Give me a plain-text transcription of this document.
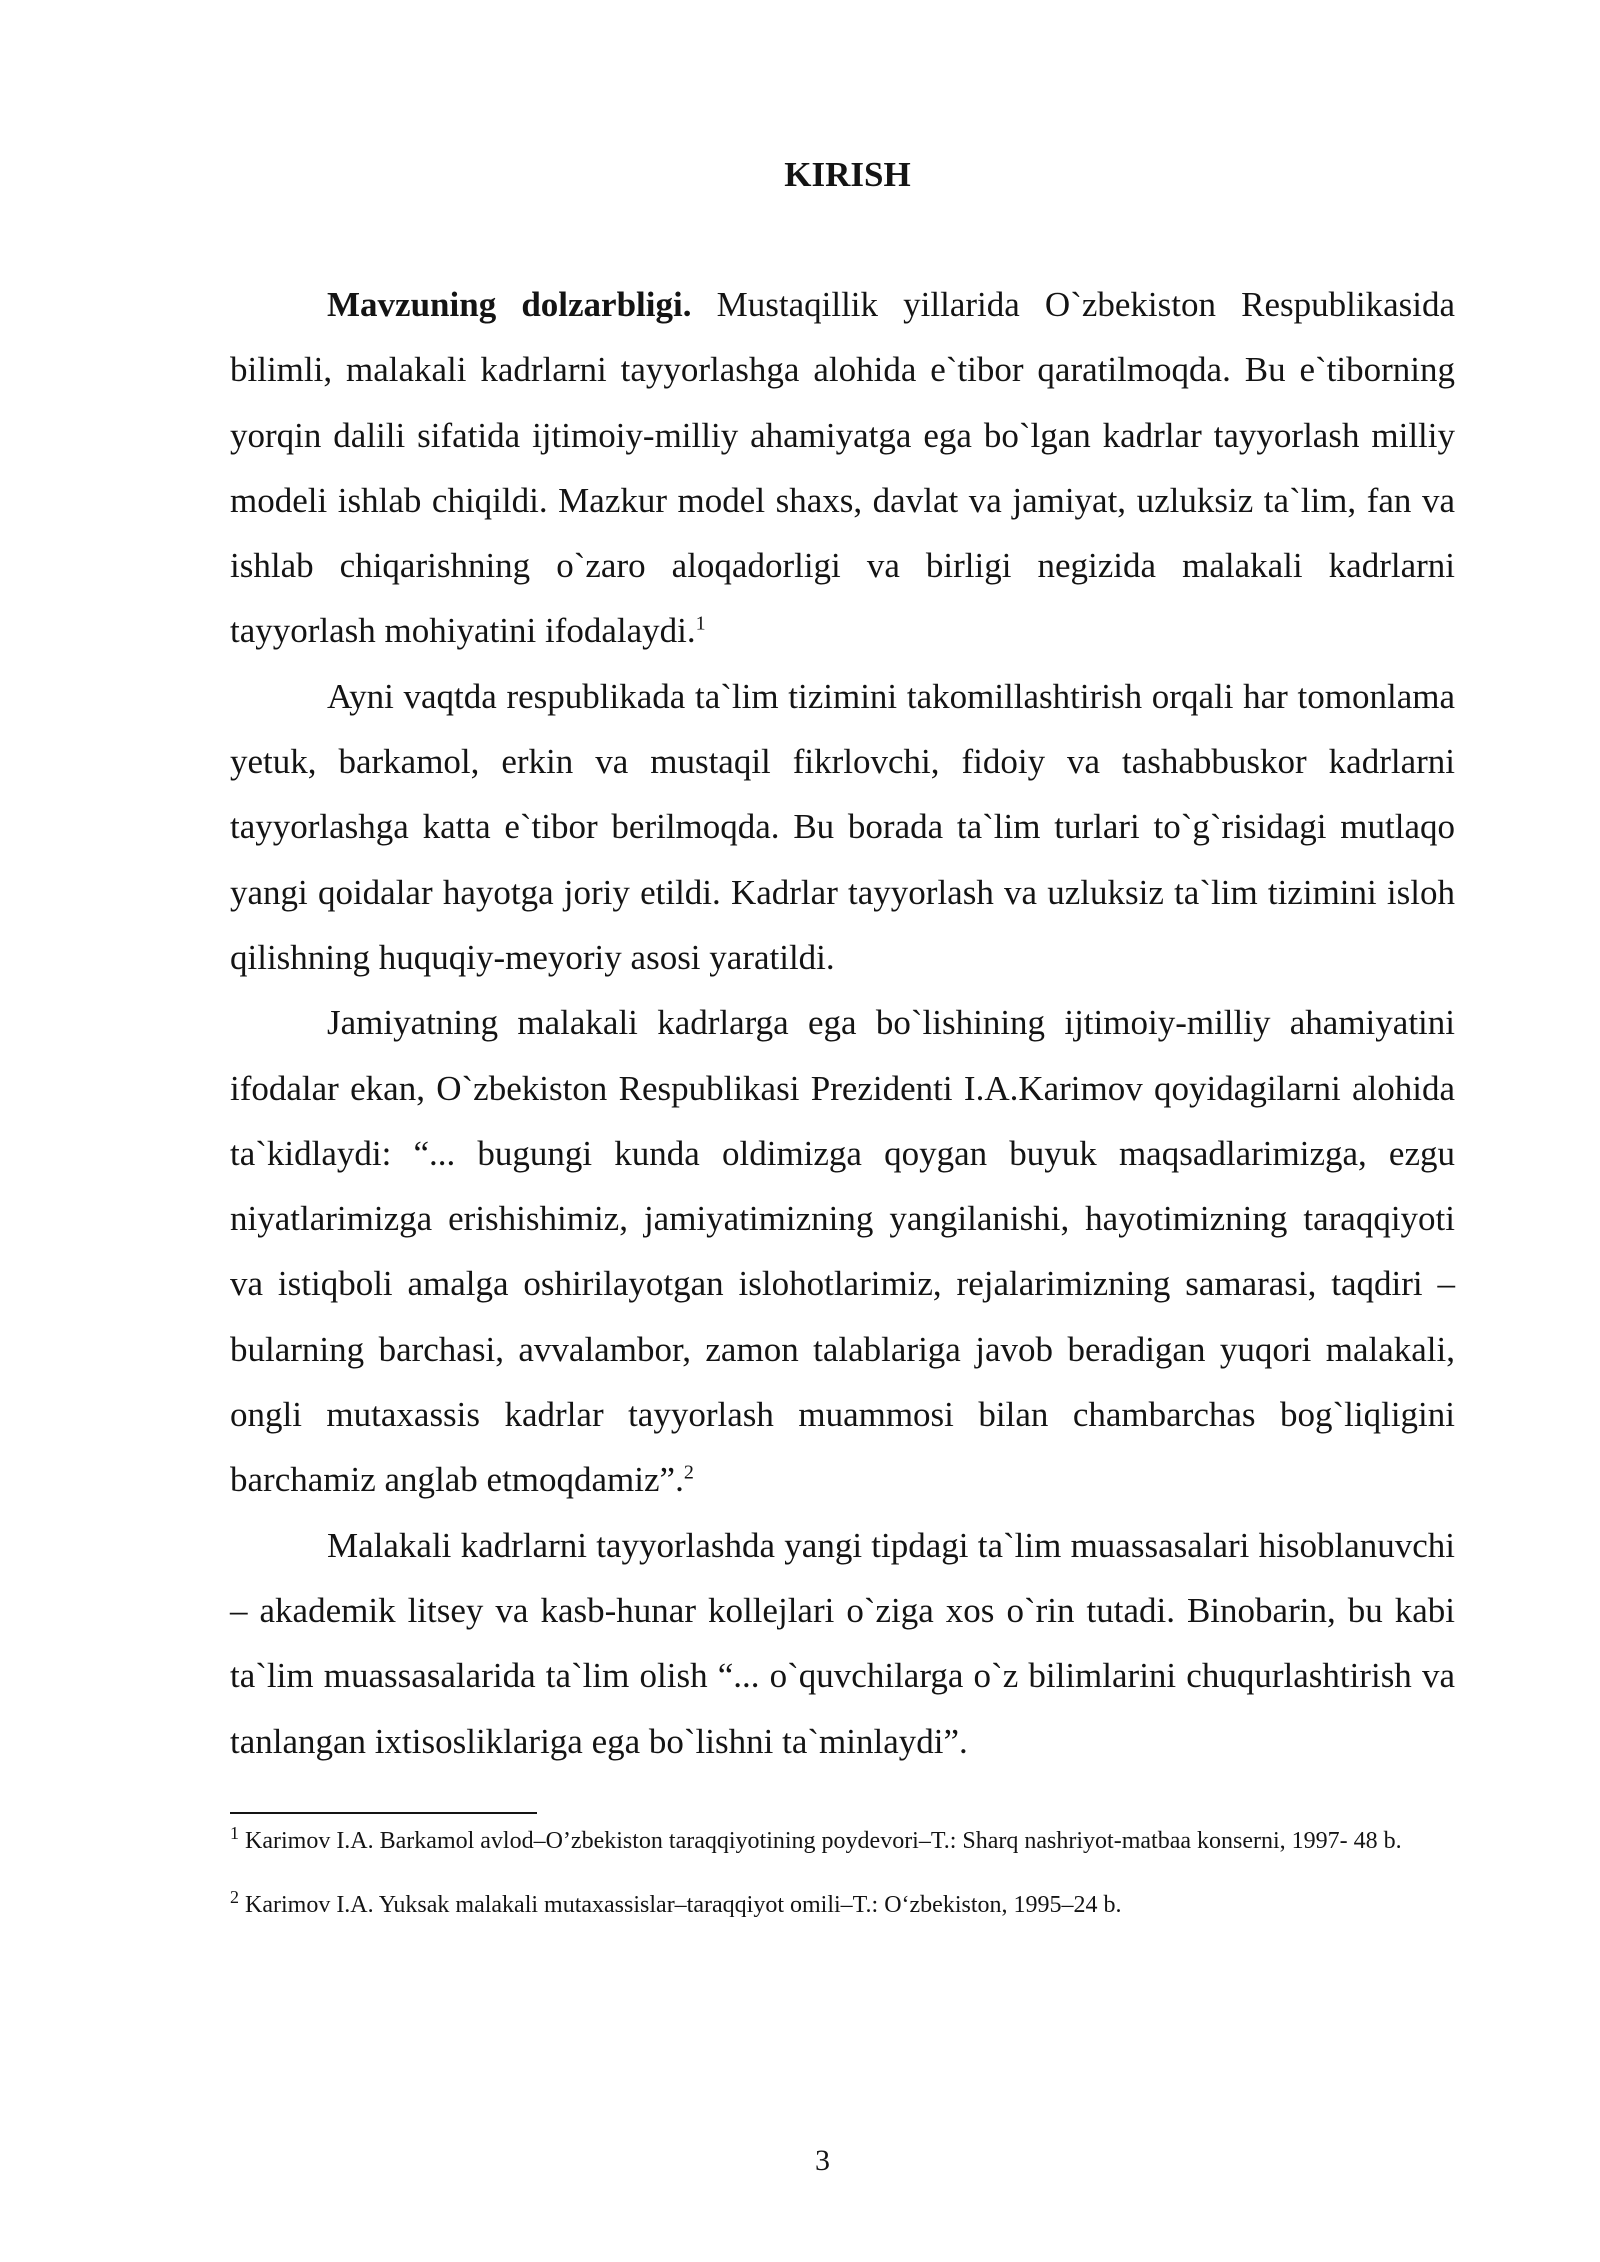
KIRISH

Mavzuning dolzarbligi. Mustaqillik yillarida O`zbekiston Respublikasida bilimli, malakali kadrlarni tayyorlashga alohida e`tibor qaratilmoqda. Bu e`tiborning yorqin dalili sifatida ijtimoiy-milliy ahamiyatga ega bo`lgan kadrlar tayyorlash milliy modeli ishlab chiqildi. Mazkur model shaxs, davlat va jamiyat, uzluksiz ta`lim, fan va ishlab chiqarishning o`zaro aloqadorligi va birligi negizida malakali kadrlarni tayyorlash mohiyatini ifodalaydi.$^1$

Ayni vaqtda respublikada ta`lim tizimini takomillashtirish orqali har tomonlama yetuk, barkamol, erkin va mustaqil fikrlovchi, fidoiy va tashabbuskor kadrlarni tayyorlashga katta e`tibor berilmoqda. Bu borada ta`lim turlari to`g`risidagi mutlaqo yangi qoidalar hayotga joriy etildi. Kadrlar tayyorlash va uzluksiz ta`lim tizimini isloh qilishning huquqiy-meyoriy asosi yaratildi.

Jamiyatning malakali kadrlarga ega bo`lishining ijtimoiy-milliy ahamiyatini ifodalar ekan, O`zbekiston Respublikasi Prezidenti I.A.Karimov qoyidagilarni alohida ta`kidlaydi: “... bugungi kunda oldimizga qoygan buyuk maqsadlarimizga, ezgu niyatlarimizga erishishimiz, jamiyatimizning yangilanishi, hayotimizning taraqqiyoti va istiqboli amalga oshirilayotgan islohotlarimiz, rejalarimizning samarasi, taqdiri – bularning barchasi, avvalambor, zamon talablariga javob beradigan yuqori malakali, ongli mutaxassis kadrlar tayyorlash muammosi bilan chambarchas bog`liqligini barchamiz anglab etmoqdamiz”.$^2$

Malakali kadrlarni tayyorlashda yangi tipdagi ta`lim muassasalari hisoblanuvchi – akademik litsey va kasb-hunar kollejlari o`ziga xos o`rin tutadi. Binobarin, bu kabi ta`lim muassasalarida ta`lim olish “... o`quvchilarga o`z bilimlarini chuqurlashtirish va tanlangan ixtisosliklariga ega bo`lishni ta`minlaydi”.

$^1$ Karimov I.A. Barkamol avlod–O’zbekiston taraqqiyotining poydevori–T.: Sharq nashriyot-matbaa konserni, 1997- 48 b.

$^2$ Karimov I.A. Yuksak malakali mutaxassislar–taraqqiyot omili–T.: O‘zbekiston, 1995–24 b.

3
